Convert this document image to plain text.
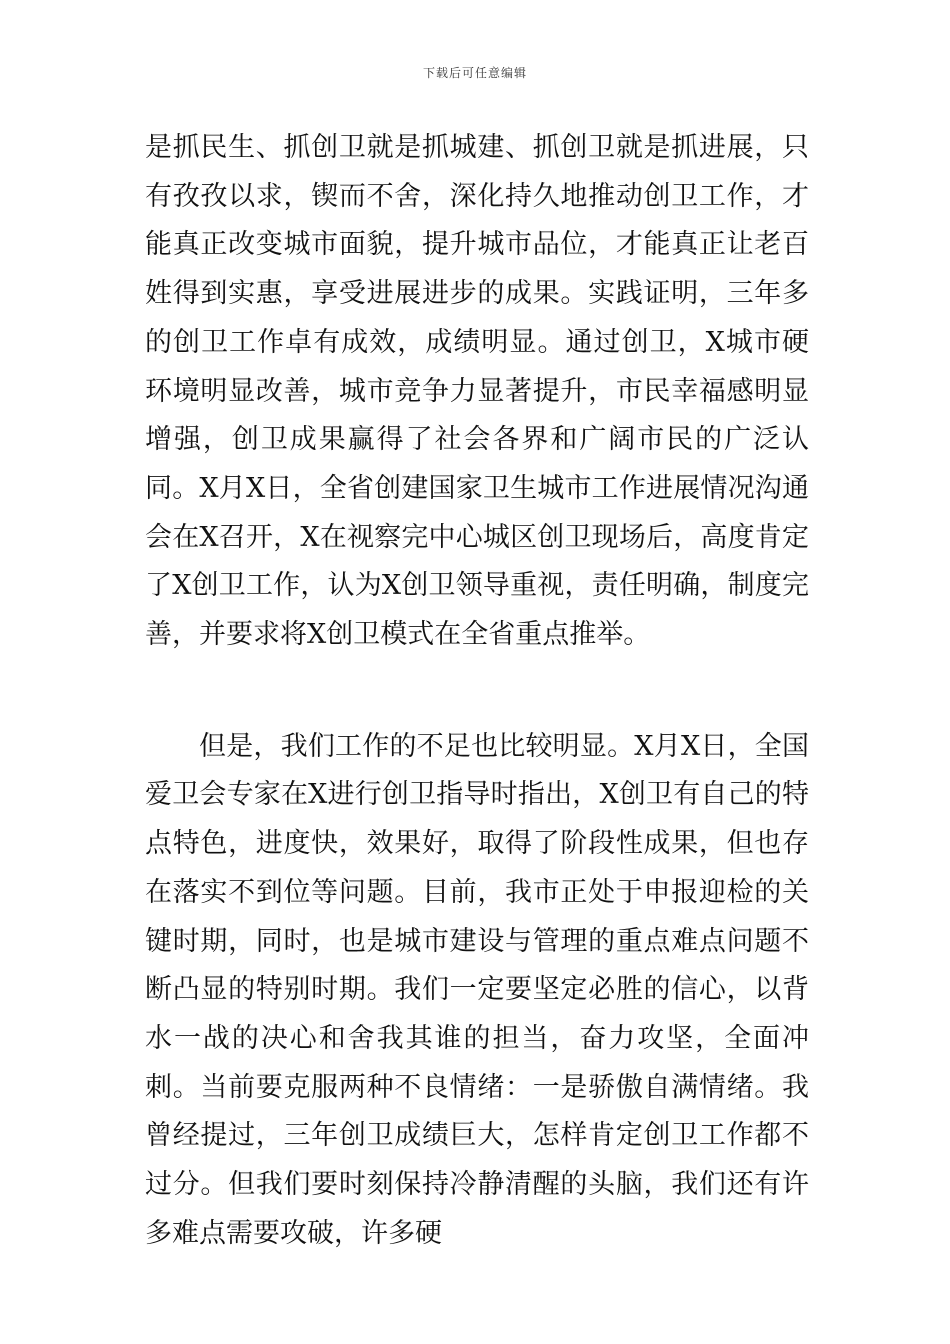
下载后可任意编辑

是抓民生、抓创卫就是抓城建、抓创卫就是抓进展，只有孜孜以求，锲而不舍，深化持久地推动创卫工作，才能真正改变城市面貌，提升城市品位，才能真正让老百姓得到实惠，享受进展进步的成果。实践证明，三年多的创卫工作卓有成效，成绩明显。通过创卫，X城市硬环境明显改善，城市竞争力显著提升，市民幸福感明显增强，创卫成果赢得了社会各界和广阔市民的广泛认同。X月X日，全省创建国家卫生城市工作进展情况沟通会在X召开，X在视察完中心城区创卫现场后，高度肯定了X创卫工作，认为X创卫领导重视，责任明确，制度完善，并要求将X创卫模式在全省重点推举。

但是，我们工作的不足也比较明显。X月X日，全国爱卫会专家在X进行创卫指导时指出，X创卫有自己的特点特色，进度快，效果好，取得了阶段性成果，但也存在落实不到位等问题。目前，我市正处于申报迎检的关键时期，同时，也是城市建设与管理的重点难点问题不断凸显的特别时期。我们一定要坚定必胜的信心，以背水一战的决心和舍我其谁的担当，奋力攻坚，全面冲刺。当前要克服两种不良情绪：一是骄傲自满情绪。我曾经提过，三年创卫成绩巨大，怎样肯定创卫工作都不过分。但我们要时刻保持冷静清醒的头脑，我们还有许多难点需要攻破，许多硬
